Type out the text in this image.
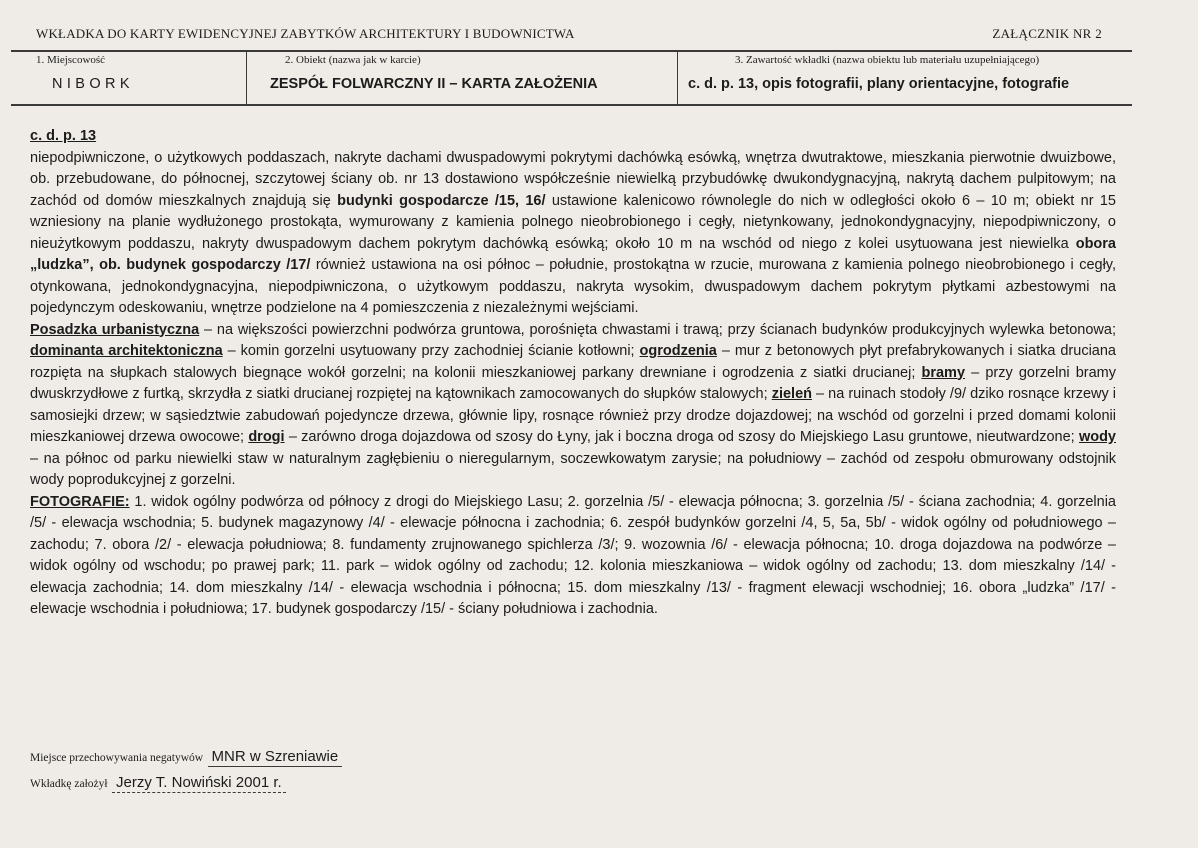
WKŁADKA DO KARTY EWIDENCYJNEJ ZABYTKÓW ARCHITEKTURY I BUDOWNICTWA	ZAŁĄCZNIK NR 2
1. Miejscowość
NIBORK
2. Obiekt (nazwa jak w karcie)
ZESPÓŁ FOLWARCZNY II – KARTA ZAŁOŻENIA
3. Zawartość wkładki (nazwa obiektu lub materiału uzupełniającego)
c. d. p. 13, opis fotografii, plany orientacyjne, fotografie

c. d. p. 13

niepodpiwniczone, o użytkowych poddaszach, nakryte dachami dwuspadowymi pokrytymi dachówką esówką, wnętrza dwutraktowe, mieszkania pierwotnie dwuizbowe, ob. przebudowane, do północnej, szczytowej ściany ob. nr 13 dostawiono współcześnie niewielką przybudówkę dwukondygnacyjną, nakrytą dachem pulpitowym; na zachód od domów mieszkalnych znajdują się budynki gospodarcze /15, 16/ ustawione kalenicowo równolegle do nich w odległości około 6 – 10 m; obiekt nr 15 wzniesiony na planie wydłużonego prostokąta, wymurowany z kamienia polnego nieobrobionego i cegły, nietynkowany, jednokondygnacyjny, niepodpiwniczony, o nieużytkowym poddaszu, nakryty dwuspadowym dachem pokrytym dachówką esówką; około 10 m na wschód od niego z kolei usytuowana jest niewielka obora „ludzka”, ob. budynek gospodarczy /17/ również ustawiona na osi północ – południe, prostokątna w rzucie, murowana z kamienia polnego nieobrobionego i cegły, otynkowana, jednokondygnacyjna, niepodpiwniczona, o użytkowym poddaszu, nakryta wysokim, dwuspadowym dachem pokrytym płytkami azbestowymi na pojedynczym odeskowaniu, wnętrze podzielone na 4 pomieszczenia z niezależnymi wejściami.

Posadzka urbanistyczna – na większości powierzchni podwórza gruntowa, porośnięta chwastami i trawą; przy ścianach budynków produkcyjnych wylewka betonowa; dominanta architektoniczna – komin gorzelni usytuowany przy zachodniej ścianie kotłowni; ogrodzenia – mur z betonowych płyt prefabrykowanych i siatka druciana rozpięta na słupkach stalowych biegnące wokół gorzelni; na kolonii mieszkaniowej parkany drewniane i ogrodzenia z siatki drucianej; bramy – przy gorzelni bramy dwuskrzydłowe z furtką, skrzydła z siatki drucianej rozpiętej na kątownikach zamocowanych do słupków stalowych; zieleń – na ruinach stodoły /9/ dziko rosnące krzewy i samosiejki drzew; w sąsiedztwie zabudowań pojedyncze drzewa, głównie lipy, rosnące również przy drodze dojazdowej; na wschód od gorzelni i przed domami kolonii mieszkaniowej drzewa owocowe; drogi – zarówno droga dojazdowa od szosy do Łyny, jak i boczna droga od szosy do Miejskiego Lasu gruntowe, nieutwardzone; wody – na północ od parku niewielki staw w naturalnym zagłębieniu o nieregularnym, soczewkowatym zarysie; na południowy – zachód od zespołu obmurowany odstojnik wody poprodukcyjnej z gorzelni.

FOTOGRAFIE: 1. widok ogólny podwórza od północy z drogi do Miejskiego Lasu; 2. gorzelnia /5/ - elewacja północna; 3. gorzelnia /5/ - ściana zachodnia; 4. gorzelnia /5/ - elewacja wschodnia; 5. budynek magazynowy /4/ - elewacje północna i zachodnia; 6. zespół budynków gorzelni /4, 5, 5a, 5b/ - widok ogólny od południowego – zachodu; 7. obora /2/ - elewacja południowa; 8. fundamenty zrujnowanego spichlerza /3/; 9. wozownia /6/ - elewacja północna; 10. droga dojazdowa na podwórze – widok ogólny od wschodu; po prawej park; 11. park – widok ogólny od zachodu; 12. kolonia mieszkaniowa – widok ogólny od zachodu; 13. dom mieszkalny /14/ - elewacja zachodnia; 14. dom mieszkalny /14/ - elewacja wschodnia i północna; 15. dom mieszkalny /13/ - fragment elewacji wschodniej; 16. obora „ludzka” /17/ - elewacje wschodnia i południowa; 17. budynek gospodarczy /15/ - ściany południowa i zachodnia.

Miejsce przechowywania negatywów MNR w Szreniawie
Wkładkę założył Jerzy T. Nowiński 2001 r.
